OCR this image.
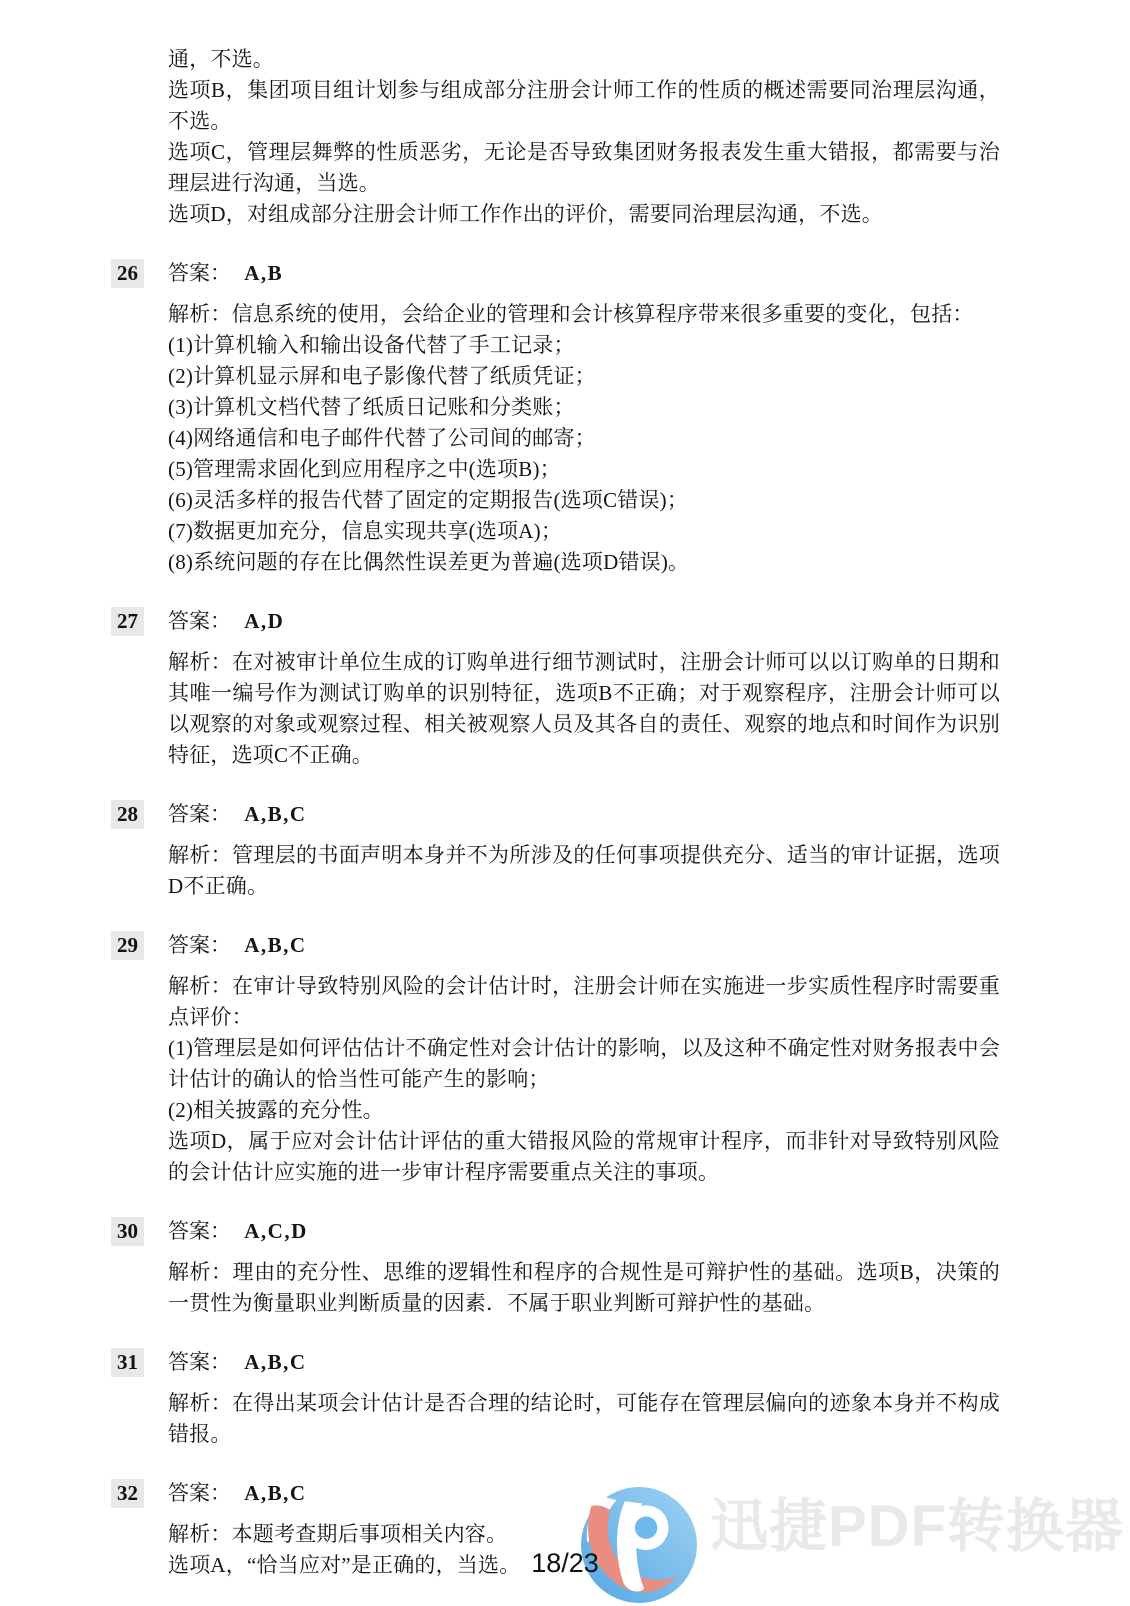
通，不选。

选项B，集团项目组计划参与组成部分注册会计师工作的性质的概述需要同治理层沟通，不选。

选项C，管理层舞弊的性质恶劣，无论是否导致集团财务报表发生重大错报，都需要与治理层进行沟通，当选。

选项D，对组成部分注册会计师工作作出的评价，需要同治理层沟通，不选。

26 答案： A,B

解析：信息系统的使用，会给企业的管理和会计核算程序带来很多重要的变化，包括：

(1)计算机输入和输出设备代替了手工记录；

(2)计算机显示屏和电子影像代替了纸质凭证；

(3)计算机文档代替了纸质日记账和分类账；

(4)网络通信和电子邮件代替了公司间的邮寄；

(5)管理需求固化到应用程序之中(选项B)；

(6)灵活多样的报告代替了固定的定期报告(选项C错误)；

(7)数据更加充分，信息实现共享(选项A)；

(8)系统问题的存在比偶然性误差更为普遍(选项D错误)。

27 答案： A,D

解析：在对被审计单位生成的订购单进行细节测试时，注册会计师可以以订购单的日期和其唯一编号作为测试订购单的识别特征，选项B不正确；对于观察程序，注册会计师可以以观察的对象或观察过程、相关被观察人员及其各自的责任、观察的地点和时间作为识别特征，选项C不正确。

28 答案： A,B,C

解析：管理层的书面声明本身并不为所涉及的任何事项提供充分、适当的审计证据，选项D不正确。

29 答案： A,B,C

解析：在审计导致特别风险的会计估计时，注册会计师在实施进一步实质性程序时需要重点评价：

(1)管理层是如何评估估计不确定性对会计估计的影响，以及这种不确定性对财务报表中会计估计的确认的恰当性可能产生的影响；

(2)相关披露的充分性。

选项D，属于应对会计估计评估的重大错报风险的常规审计程序，而非针对导致特别风险的会计估计应实施的进一步审计程序需要重点关注的事项。

30 答案： A,C,D

解析：理由的充分性、思维的逻辑性和程序的合规性是可辩护性的基础。选项B，决策的一贯性为衡量职业判断质量的因素．不属于职业判断可辩护性的基础。

31 答案： A,B,C

解析：在得出某项会计估计是否合理的结论时，可能存在管理层偏向的迹象本身并不构成错报。

32 答案： A,B,C

解析：本题考查期后事项相关内容。

选项A，“恰当应对”是正确的，当选。 18/23
迅捷PDF转换器
